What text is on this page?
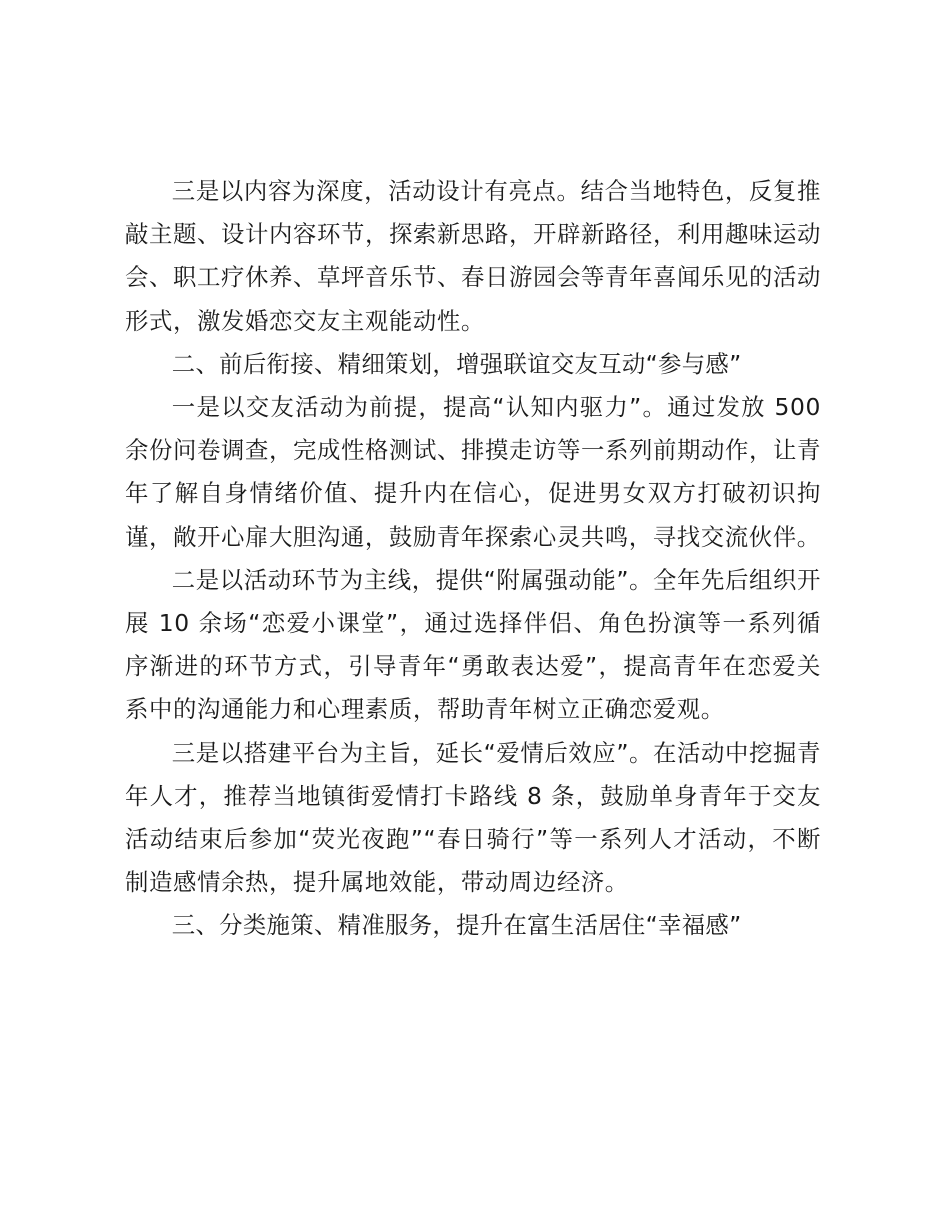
三是以内容为深度，活动设计有亮点。结合当地特色，反复推敲主题、设计内容环节，探索新思路，开辟新路径，利用趣味运动会、职工疗休养、草坪音乐节、春日游园会等青年喜闻乐见的活动形式，激发婚恋交友主观能动性。

二、前后衔接、精细策划，增强联谊交友互动“参与感”

一是以交友活动为前提，提高“认知内驱力”。通过发放 500 余份问卷调查，完成性格测试、排摸走访等一系列前期动作，让青年了解自身情绪价值、提升内在信心，促进男女双方打破初识拘谨，敞开心扉大胆沟通，鼓励青年探索心灵共鸣，寻找交流伙伴。

二是以活动环节为主线，提供“附属强动能”。全年先后组织开展 10 余场“恋爱小课堂”，通过选择伴侣、角色扮演等一系列循序渐进的环节方式，引导青年“勇敢表达爱”，提高青年在恋爱关系中的沟通能力和心理素质，帮助青年树立正确恋爱观。

三是以搭建平台为主旨，延长“爱情后效应”。在活动中挖掘青年人才，推荐当地镇街爱情打卡路线 8 条，鼓励单身青年于交友活动结束后参加“荧光夜跑”“春日骑行”等一系列人才活动，不断制造感情余热，提升属地效能，带动周边经济。

三、分类施策、精准服务，提升在富生活居住“幸福感”
